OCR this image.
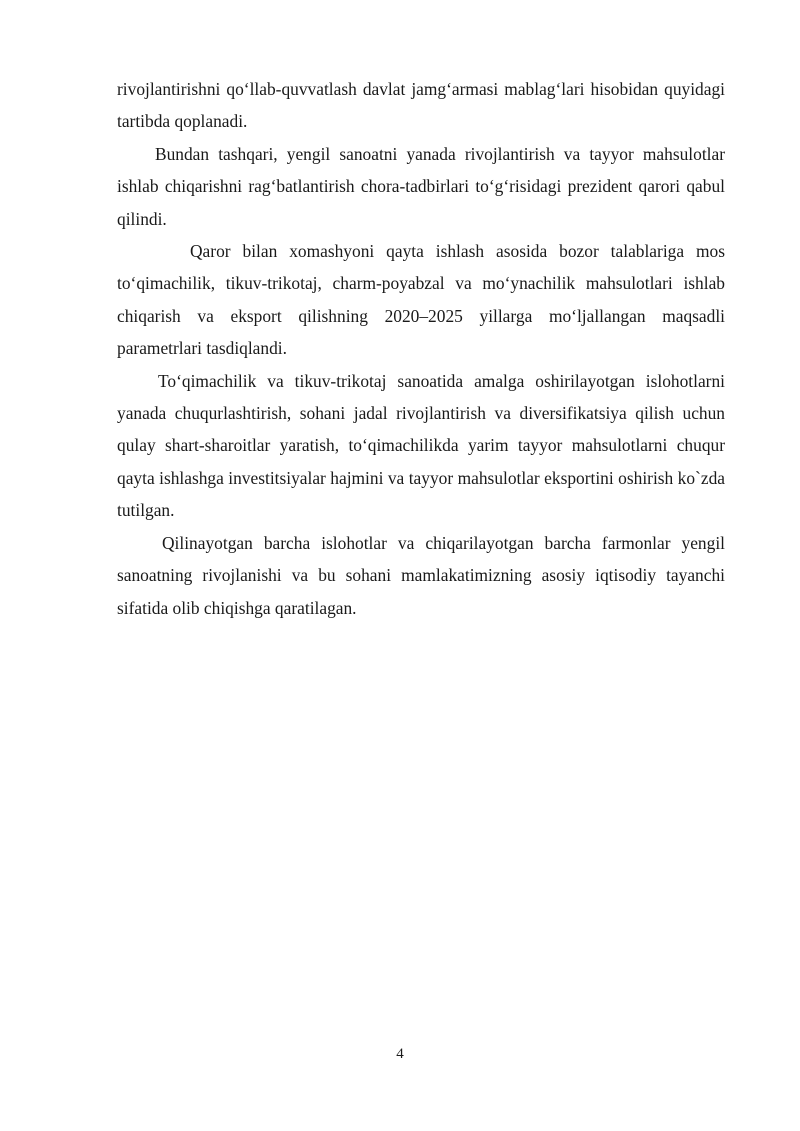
rivojlantirishni qoʻllab-quvvatlash davlat jamgʻarmasi mablagʻlari hisobidan quyidagi tartibda qoplanadi.

Bundan tashqari, yengil sanoatni yanada rivojlantirish va tayyor mahsulotlar ishlab chiqarishni ragʻbatlantirish chora-tadbirlari toʻgʻrisidagi prezident qarori qabul qilindi.

Qaror bilan xomashyoni qayta ishlash asosida bozor talablariga mos toʻqimachilik, tikuv-trikotaj, charm-poyabzal va moʻynachilik mahsulotlari ishlab chiqarish va eksport qilishning 2020–2025 yillarga moʻljallangan maqsadli parametrlari tasdiqlandi.

Toʻqimachilik va tikuv-trikotaj sanoatida amalga oshirilayotgan islohotlarni yanada chuqurlashtirish, sohani jadal rivojlantirish va diversifikatsiya qilish uchun qulay shart-sharoitlar yaratish, toʻqimachilikda yarim tayyor mahsulotlarni chuqur qayta ishlashga investitsiyalar hajmini va tayyor mahsulotlar eksportini oshirish ko`zda tutilgan.

Qilinayotgan barcha islohotlar va chiqarilayotgan barcha farmonlar yengil sanoatning rivojlanishi va bu sohani mamlakatimizning asosiy iqtisodiy tayanchi sifatida olib chiqishga qaratilagan.

4
